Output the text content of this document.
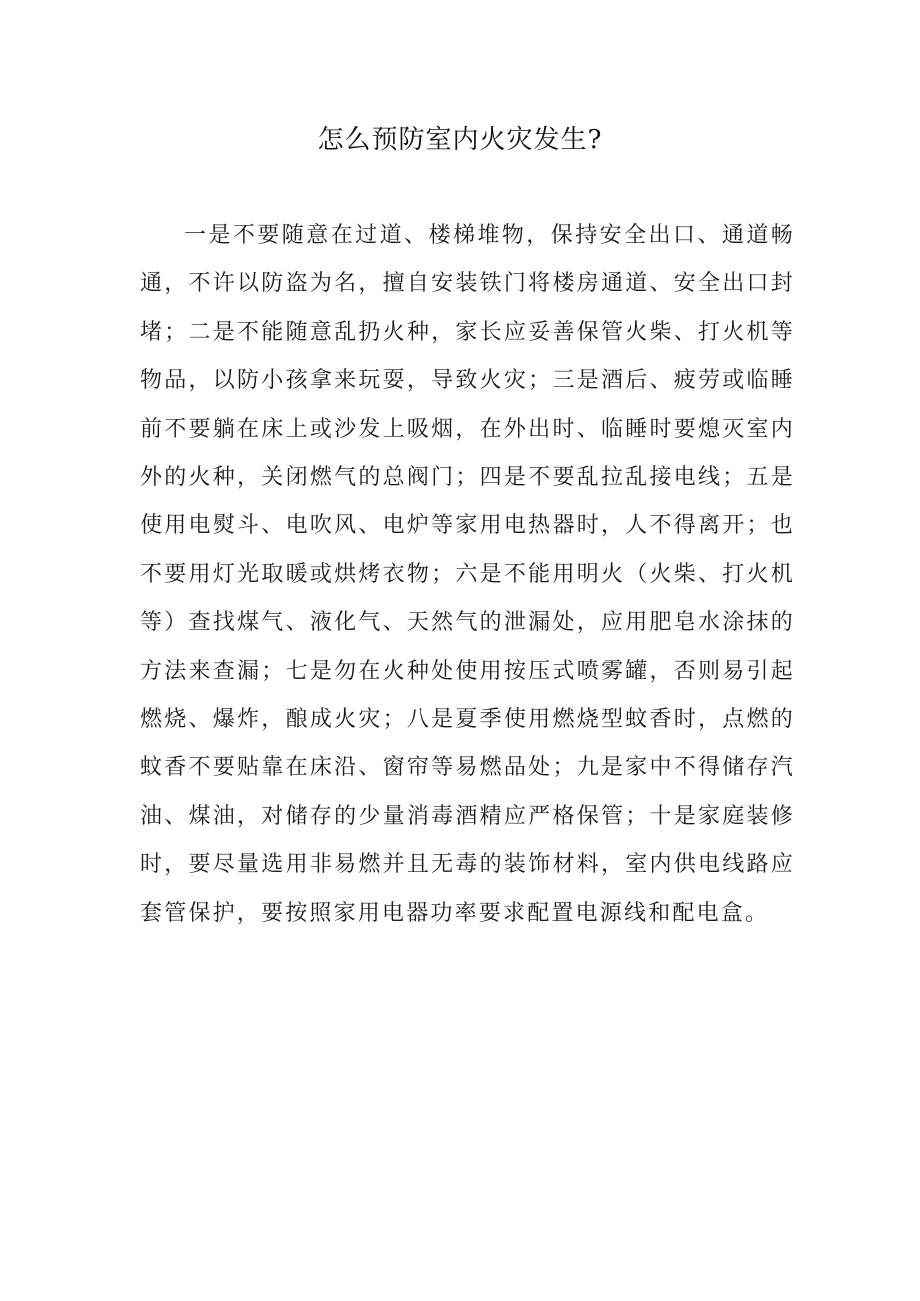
怎么预防室内火灾发生?

一是不要随意在过道、楼梯堆物，保持安全出口、通道畅通，不许以防盗为名，擅自安装铁门将楼房通道、安全出口封堵；二是不能随意乱扔火种，家长应妥善保管火柴、打火机等物品，以防小孩拿来玩耍，导致火灾；三是酒后、疲劳或临睡前不要躺在床上或沙发上吸烟，在外出时、临睡时要熄灭室内外的火种，关闭燃气的总阀门；四是不要乱拉乱接电线；五是使用电熨斗、电吹风、电炉等家用电热器时，人不得离开；也不要用灯光取暖或烘烤衣物；六是不能用明火（火柴、打火机等）查找煤气、液化气、天然气的泄漏处，应用肥皂水涂抹的方法来查漏；七是勿在火种处使用按压式喷雾罐，否则易引起燃烧、爆炸，酿成火灾；八是夏季使用燃烧型蚊香时，点燃的蚊香不要贴靠在床沿、窗帘等易燃品处；九是家中不得储存汽油、煤油，对储存的少量消毒酒精应严格保管；十是家庭装修时，要尽量选用非易燃并且无毒的装饰材料，室内供电线路应套管保护，要按照家用电器功率要求配置电源线和配电盒。
